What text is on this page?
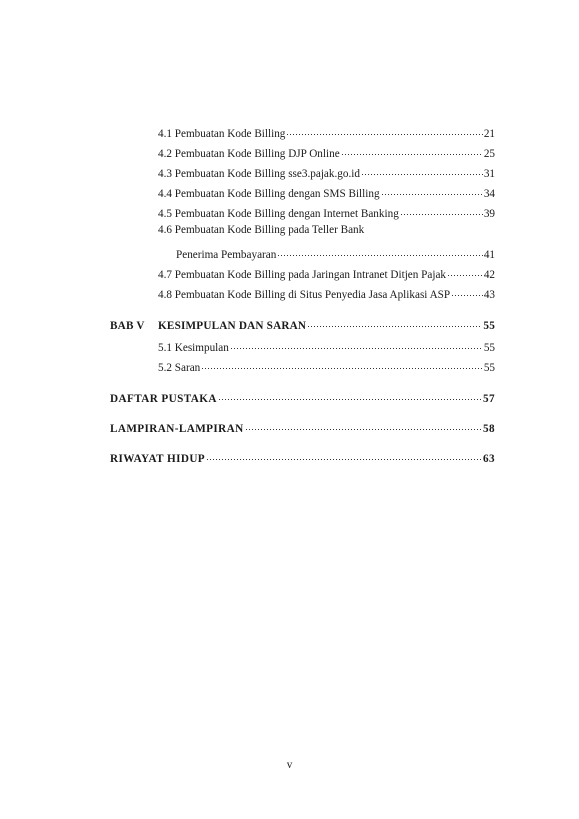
4.1 Pembuatan Kode Billing	21
4.2 Pembuatan Kode Billing DJP Online	25
4.3 Pembuatan Kode Billing sse3.pajak.go.id	31
4.4 Pembuatan Kode Billing dengan SMS Billing	34
4.5 Pembuatan Kode Billing dengan Internet Banking	39
4.6 Pembuatan Kode Billing pada Teller Bank
Penerima Pembayaran	41
4.7 Pembuatan Kode Billing pada Jaringan Intranet Ditjen Pajak	42
4.8 Pembuatan Kode Billing di Situs Penyedia Jasa Aplikasi ASP	43
BAB V KESIMPULAN DAN SARAN	55
5.1 Kesimpulan	55
5.2 Saran	55
DAFTAR PUSTAKA	57
LAMPIRAN-LAMPIRAN	58
RIWAYAT HIDUP	63
v
